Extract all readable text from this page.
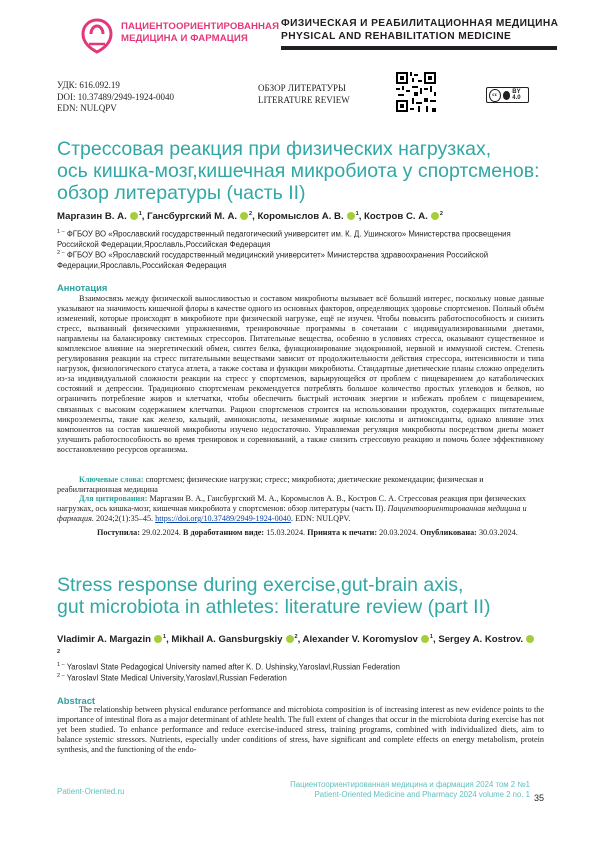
ПАЦИЕНТООРИЕНТИРОВАННАЯ
МЕДИЦИНА И ФАРМАЦИЯ
ФИЗИЧЕСКАЯ И РЕАБИЛИТАЦИОННАЯ МЕДИЦИНА
PHYSICAL AND REHABILITATION MEDICINE
УДК: 616.092.19
DOI: 10.37489/2949-1924-0040
EDN: NULQPV
ОБЗОР ЛИТЕРАТУРЫ
LITERATURE REVIEW
cc	BY 4.0
Стрессовая реакция при физических нагрузках,
ось кишка-мозг,кишечная микробиота у спортсменов:
обзор литературы (часть II)
Маргазин В. А. $^1$, Гансбургский М. А. $^2$, Коромыслов А. В. $^1$, Костров С. А. $^2$
$^{1 -}$ ФГБОУ ВО «Ярославский государственный педагогический университет им. К. Д. Ушинского» Министерства просвещения Российской Федерации,Ярославль,Российская Федерация
$^{2 -}$ ФГБОУ ВО «Ярославский государственный медицинский университет» Министерства здравоохранения Российской Федерации,Ярославль,Российская Федерация
Аннотация
Взаимосвязь между физической выносливостью и составом микробиоты вызывает всё больший интерес, поскольку новые данные указывают на значимость кишечной флоры в качестве одного из основных факторов, определяющих здоровье спортсменов. Полный объём изменений, которые происходят в микробиоте при физической нагрузке, ещё не изучен. Чтобы повысить работоспособность и снизить стресс, вызванный физическими упражнениями, тренировочные программы в сочетании с индивидуализированными диетами, направлены на балансировку системных стрессоров. Питательные вещества, особенно в условиях стресса, оказывают существенное и комплексное влияние на энергетический обмен, синтез белка, функционирование эндокринной, нервной и иммунной систем. Степень регулирования реакции на стресс питательными веществами зависит от продолжительности действия стрессора, интенсивности и типа нагрузок, физиологического статуса атлета, а также состава и функции микробиоты. Стандартные диетические планы сложно определить из-за индивидуальной сложности реакции на стресс у спортсменов, варьирующейся от проблем с пищеварением до катаболических состояний и депрессии. Традиционно спортсменам рекомендуется потреблять большое количество простых углеводов и белков, но ограничить потребление жиров и клетчатки, чтобы обеспечить быстрый источник энергии и избежать проблем с пищеварением, связанных с высоким содержанием клетчатки. Рацион спортсменов строится на использовании продуктов, содержащих питательные микроэлементы, такие как железо, кальций, аминокислоты, незаменимые жирные кислоты и антиоксиданты, однако влияние этих компонентов на состав кишечной микробиоты изучено недостаточно. Управляемая регуляция микробиоты посредством диеты может улучшить работоспособность во время тренировок и соревнований, а также снизить стрессовую реакцию и помочь более эффективному восстановлению ресурсов организма.
Ключевые слова: спортсмен; физические нагрузки; стресс; микробиота; диетические рекомендации; физическая и реабилитационная медицина
Для цитирования: Маргазин В. А., Гансбургский М. А., Коромыслов А. В., Костров С. А. Стрессовая реакция при физических нагрузках, ось кишка-мозг, кишечная микробиота у спортсменов: обзор литературы (часть II). Пациентоориентированная медицина и фармация. 2024;2(1):35–45. https://doi.org/10.37489/2949-1924-0040. EDN: NULQPV.
Поступила: 29.02.2024. В доработанном виде: 15.03.2024. Принята к печати: 20.03.2024. Опубликована: 30.03.2024.
Stress response during exercise,gut-brain axis,
gut microbiota in athletes: literature review (part II)
Vladimir A. Margazin $^1$, Mikhail A. Gansburgskiy $^2$, Alexander V. Koromyslov $^1$, Sergey A. Kostrov.$^2$
$^{1 -}$ Yaroslavl State Pedagogical University named after K. D. Ushinsky,Yaroslavl,Russian Federation
$^{2 -}$ Yaroslavl State Medical University,Yaroslavl,Russian Federation
Abstract
The relationship between physical endurance performance and microbiota composition is of increasing interest as new evidence points to the importance of intestinal flora as a major determinant of athlete health. The full extent of changes that occur in the microbiota during exercise has not yet been studied. To enhance performance and reduce exercise-induced stress, training programs, combined with individualized diets, aim to balance systemic stressors. Nutrients, especially under conditions of stress, have significant and complete effects on energy metabolism, protein synthesis, and the functioning of the endo-
Patient-Oriented.ru
Пациентоориентированная медицина и фармация 2024 том 2 №1
Patient-Oriented Medicine and Pharmacy 2024 volume 2 no. 1 35
